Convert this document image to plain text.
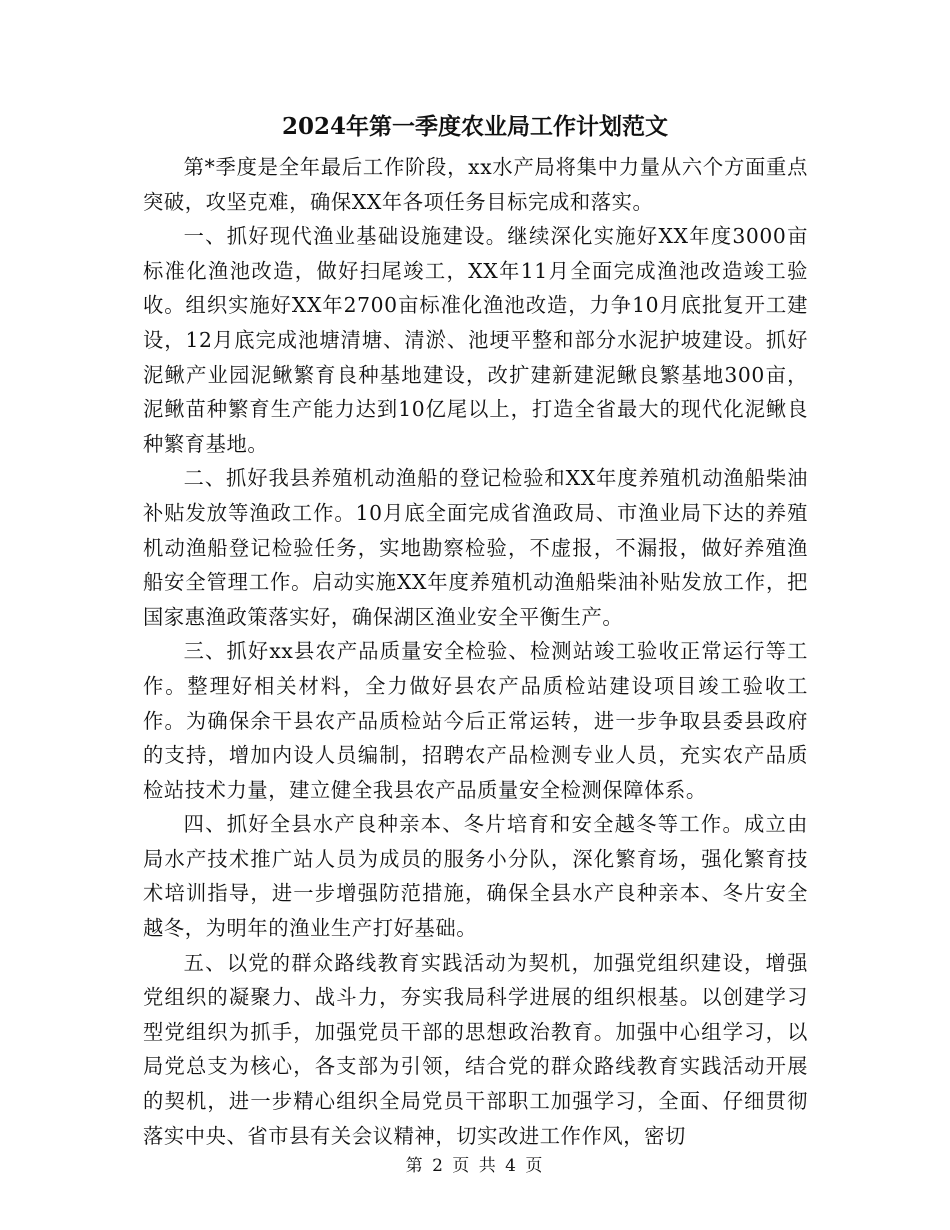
2024年第一季度农业局工作计划范文

第*季度是全年最后工作阶段，xx水产局将集中力量从六个方面重点突破，攻坚克难，确保XX年各项任务目标完成和落实。

一、抓好现代渔业基础设施建设。继续深化实施好XX年度3000亩标准化渔池改造，做好扫尾竣工，XX年11月全面完成渔池改造竣工验收。组织实施好XX年2700亩标准化渔池改造，力争10月底批复开工建设，12月底完成池塘清塘、清淤、池埂平整和部分水泥护坡建设。抓好泥鳅产业园泥鳅繁育良种基地建设，改扩建新建泥鳅良繁基地300亩，泥鳅苗种繁育生产能力达到10亿尾以上，打造全省最大的现代化泥鳅良种繁育基地。

二、抓好我县养殖机动渔船的登记检验和XX年度养殖机动渔船柴油补贴发放等渔政工作。10月底全面完成省渔政局、市渔业局下达的养殖机动渔船登记检验任务，实地勘察检验，不虚报，不漏报，做好养殖渔船安全管理工作。启动实施XX年度养殖机动渔船柴油补贴发放工作，把国家惠渔政策落实好，确保湖区渔业安全平衡生产。

三、抓好xx县农产品质量安全检验、检测站竣工验收正常运行等工作。整理好相关材料，全力做好县农产品质检站建设项目竣工验收工作。为确保余干县农产品质检站今后正常运转，进一步争取县委县政府的支持，增加内设人员编制，招聘农产品检测专业人员，充实农产品质检站技术力量，建立健全我县农产品质量安全检测保障体系。

四、抓好全县水产良种亲本、冬片培育和安全越冬等工作。成立由局水产技术推广站人员为成员的服务小分队，深化繁育场，强化繁育技术培训指导，进一步增强防范措施，确保全县水产良种亲本、冬片安全越冬，为明年的渔业生产打好基础。

五、以党的群众路线教育实践活动为契机，加强党组织建设，增强党组织的凝聚力、战斗力，夯实我局科学进展的组织根基。以创建学习型党组织为抓手，加强党员干部的思想政治教育。加强中心组学习，以局党总支为核心，各支部为引领，结合党的群众路线教育实践活动开展的契机，进一步精心组织全局党员干部职工加强学习，全面、仔细贯彻落实中央、省市县有关会议精神，切实改进工作作风，密切

第 2 页 共 4 页
